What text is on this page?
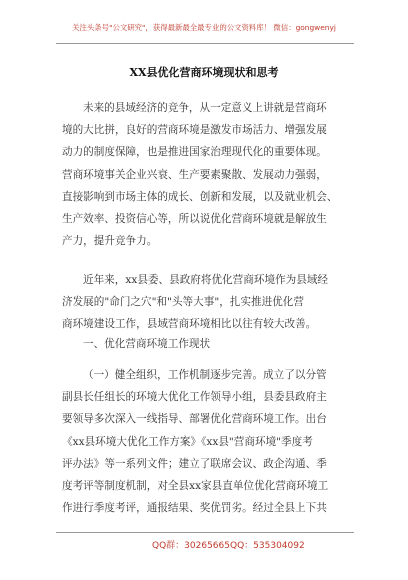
关注头条号"公文研究"，获得最新最全最专业的公文资料库！ 微信：gongwenyj
XX县优化营商环境现状和思考
未来的县域经济的竞争，从一定意义上讲就是营商环
境的大比拼，良好的营商环境是激发市场活力、增强发展
动力的制度保障，也是推进国家治理现代化的重要体现。
营商环境事关企业兴衰、生产要素聚散、发展动力强弱，
直接影响到市场主体的成长、创新和发展，以及就业机会、
生产效率、投资信心等，所以说优化营商环境就是解放生
产力，提升竞争力。
近年来，xx县委、县政府将优化营商环境作为县域经
济发展的"命门之穴"和"头等大事"，扎实推进优化营
商环境建设工作，县域营商环境相比以往有较大改善。
一、优化营商环境工作现状
（一）健全组织，工作机制逐步完善。成立了以分管
副县长任组长的环境大优化工作领导小组，县委县政府主
要领导多次深入一线指导、部署优化营商环境工作。出台
《xx县环境大优化工作方案》《xx县"营商环境"季度考
评办法》等一系列文件；建立了联席会议、政企沟通、季
度考评等制度机制，对全县xx家县直单位优化营商环境工
作进行季度考评，通报结果、奖优罚劣。经过全县上下共
QQ群：30265665 QQ：535304092
